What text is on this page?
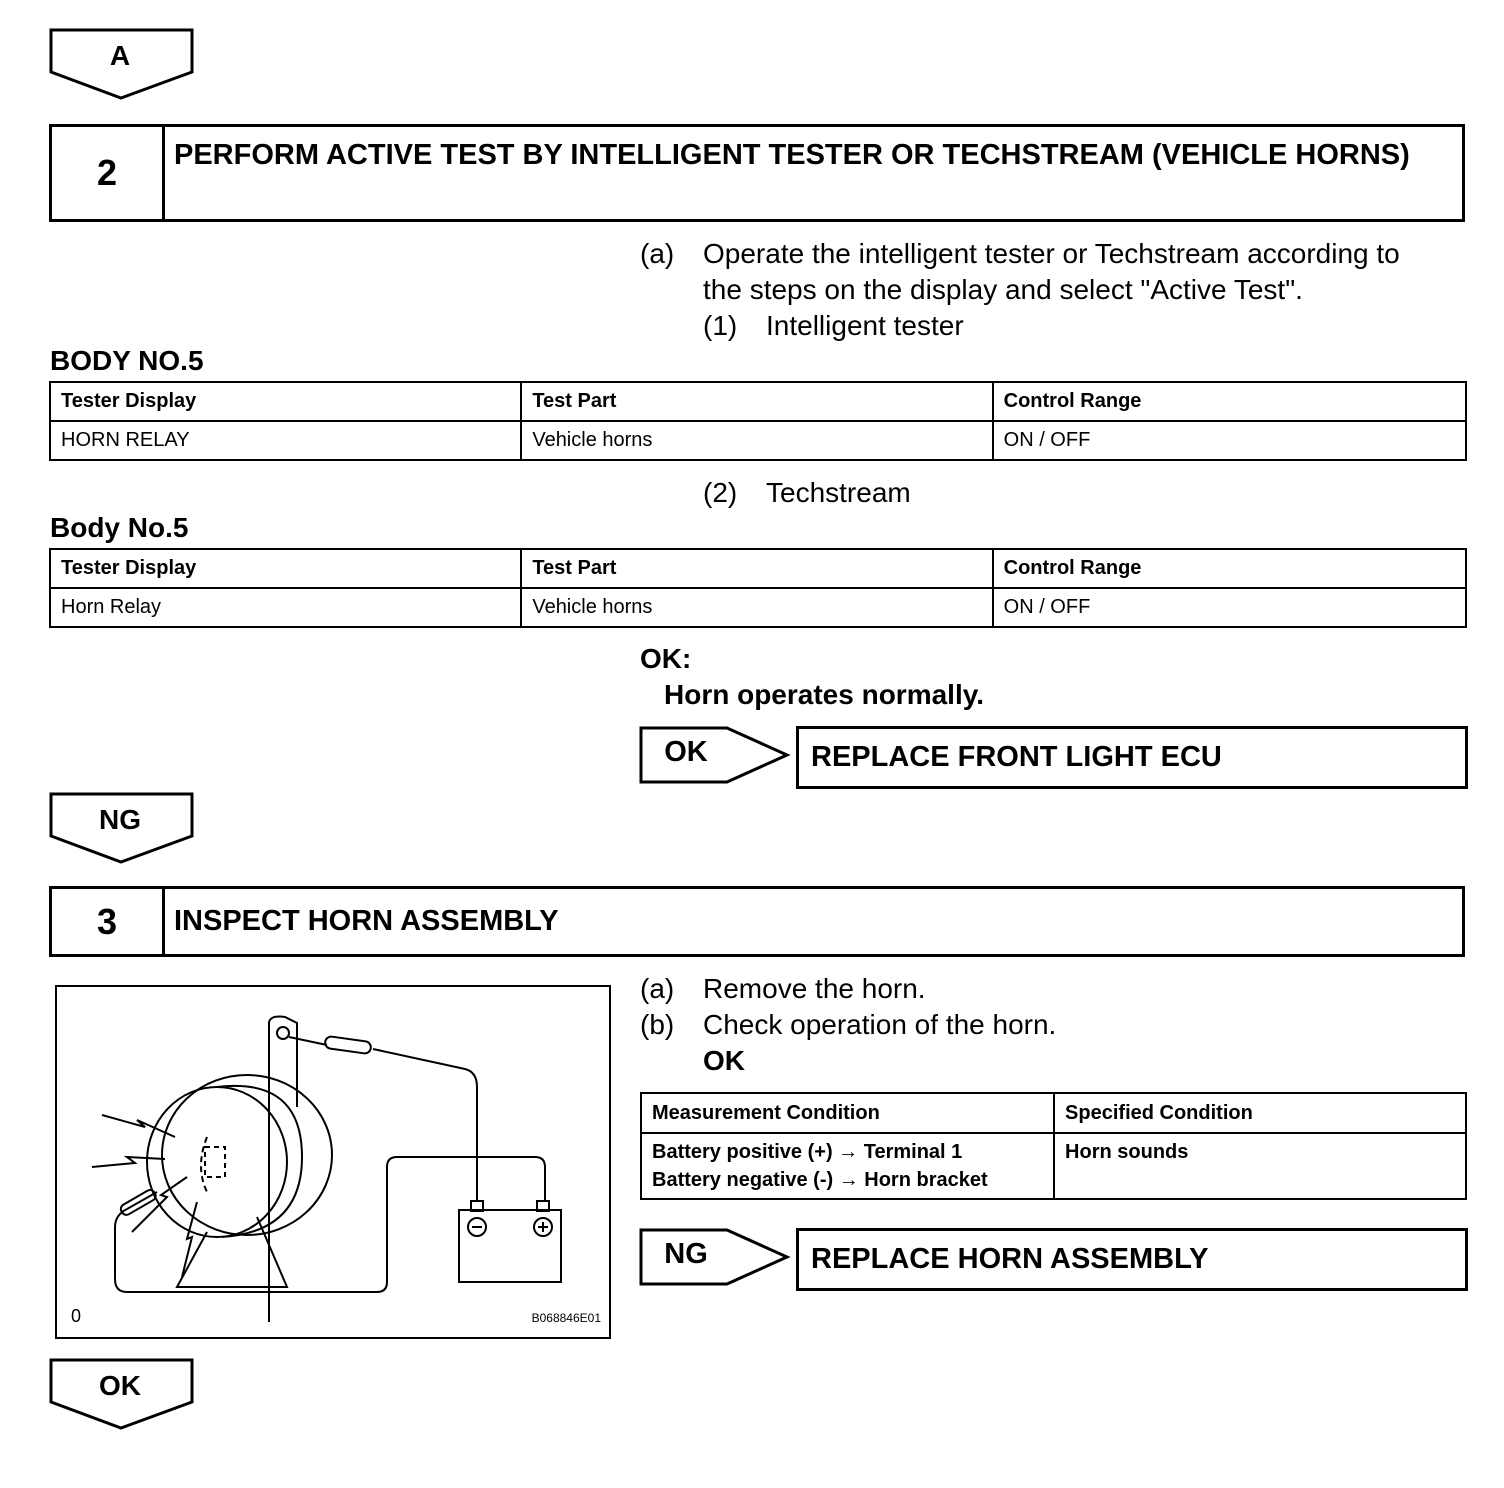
A
2	PERFORM ACTIVE TEST BY INTELLIGENT TESTER OR TECHSTREAM (VEHICLE HORNS)
(a) Operate the intelligent tester or Techstream according to
the steps on the display and select "Active Test".
(1) Intelligent tester
BODY NO.5
Tester Display	Test Part	Control Range
HORN RELAY	Vehicle horns	ON / OFF
(2) Techstream
Body No.5
Tester Display	Test Part	Control Range
Horn Relay	Vehicle horns	ON / OFF
OK:
Horn operates normally.
OK	REPLACE FRONT LIGHT ECU
NG
3	INSPECT HORN ASSEMBLY
0	B068846E01
(a) Remove the horn.
(b) Check operation of the horn.
OK
Measurement Condition	Specified Condition

Battery positive (+) → Terminal 1
Battery negative (-) → Horn bracket	Horn sounds
NG	REPLACE HORN ASSEMBLY
OK
